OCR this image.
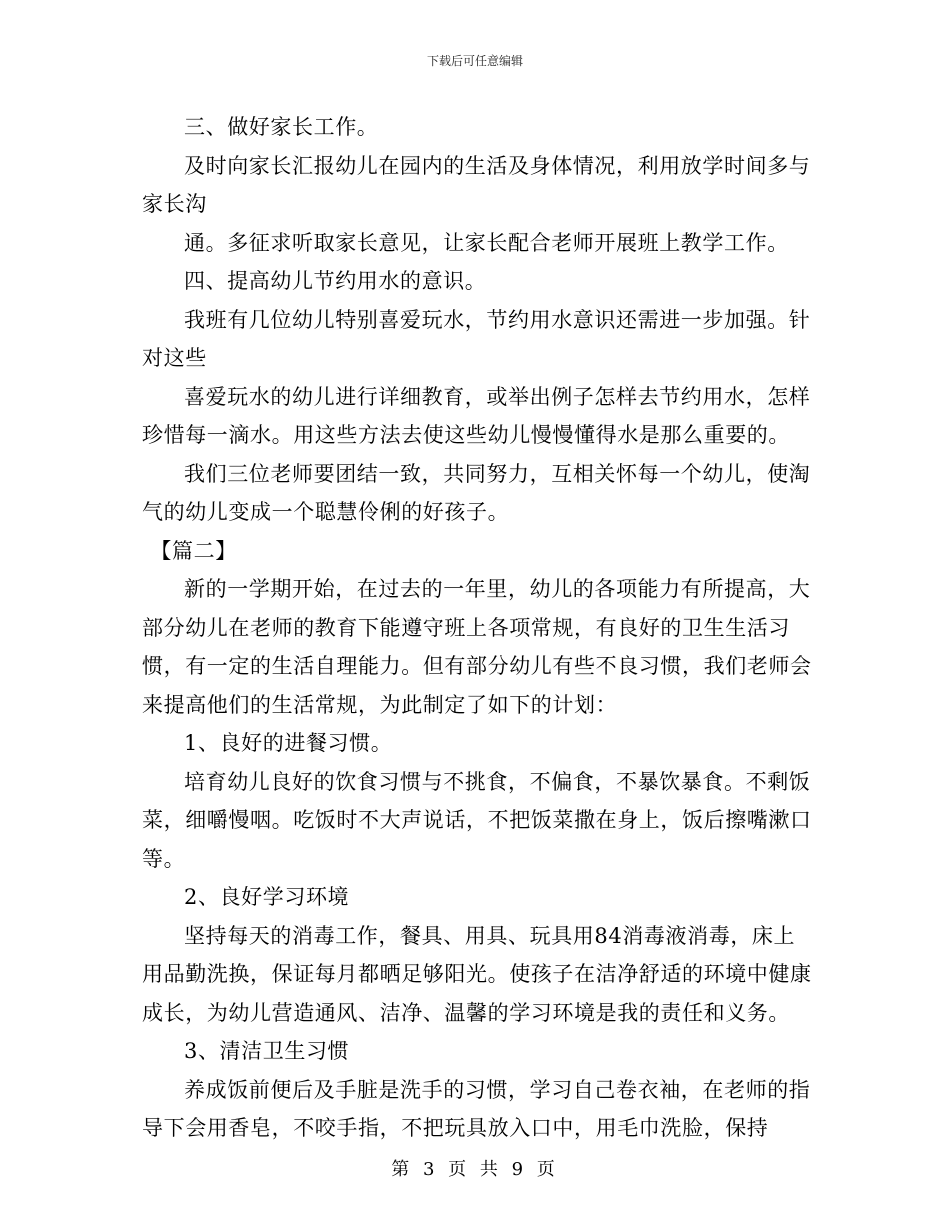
下载后可任意编辑

三、做好家长工作。

及时向家长汇报幼儿在园内的生活及身体情况，利用放学时间多与家长沟

通。多征求听取家长意见，让家长配合老师开展班上教学工作。

四、提高幼儿节约用水的意识。

我班有几位幼儿特别喜爱玩水，节约用水意识还需进一步加强。针对这些

喜爱玩水的幼儿进行详细教育，或举出例子怎样去节约用水，怎样珍惜每一滴水。用这些方法去使这些幼儿慢慢懂得水是那么重要的。

我们三位老师要团结一致，共同努力，互相关怀每一个幼儿，使淘气的幼儿变成一个聪慧伶俐的好孩子。

【篇二】

新的一学期开始，在过去的一年里，幼儿的各项能力有所提高，大部分幼儿在老师的教育下能遵守班上各项常规，有良好的卫生生活习惯，有一定的生活自理能力。但有部分幼儿有些不良习惯，我们老师会来提高他们的生活常规，为此制定了如下的计划：

1、良好的进餐习惯。

培育幼儿良好的饮食习惯与不挑食，不偏食，不暴饮暴食。不剩饭菜，细嚼慢咽。吃饭时不大声说话，不把饭菜撒在身上，饭后擦嘴漱口等。

2、良好学习环境

坚持每天的消毒工作，餐具、用具、玩具用84消毒液消毒，床上用品勤洗换，保证每月都晒足够阳光。使孩子在洁净舒适的环境中健康成长，为幼儿营造通风、洁净、温馨的学习环境是我的责任和义务。

3、清洁卫生习惯

养成饭前便后及手脏是洗手的习惯，学习自己卷衣袖，在老师的指导下会用香皂，不咬手指，不把玩具放入口中，用毛巾洗脸，保持

第 3 页 共 9 页
